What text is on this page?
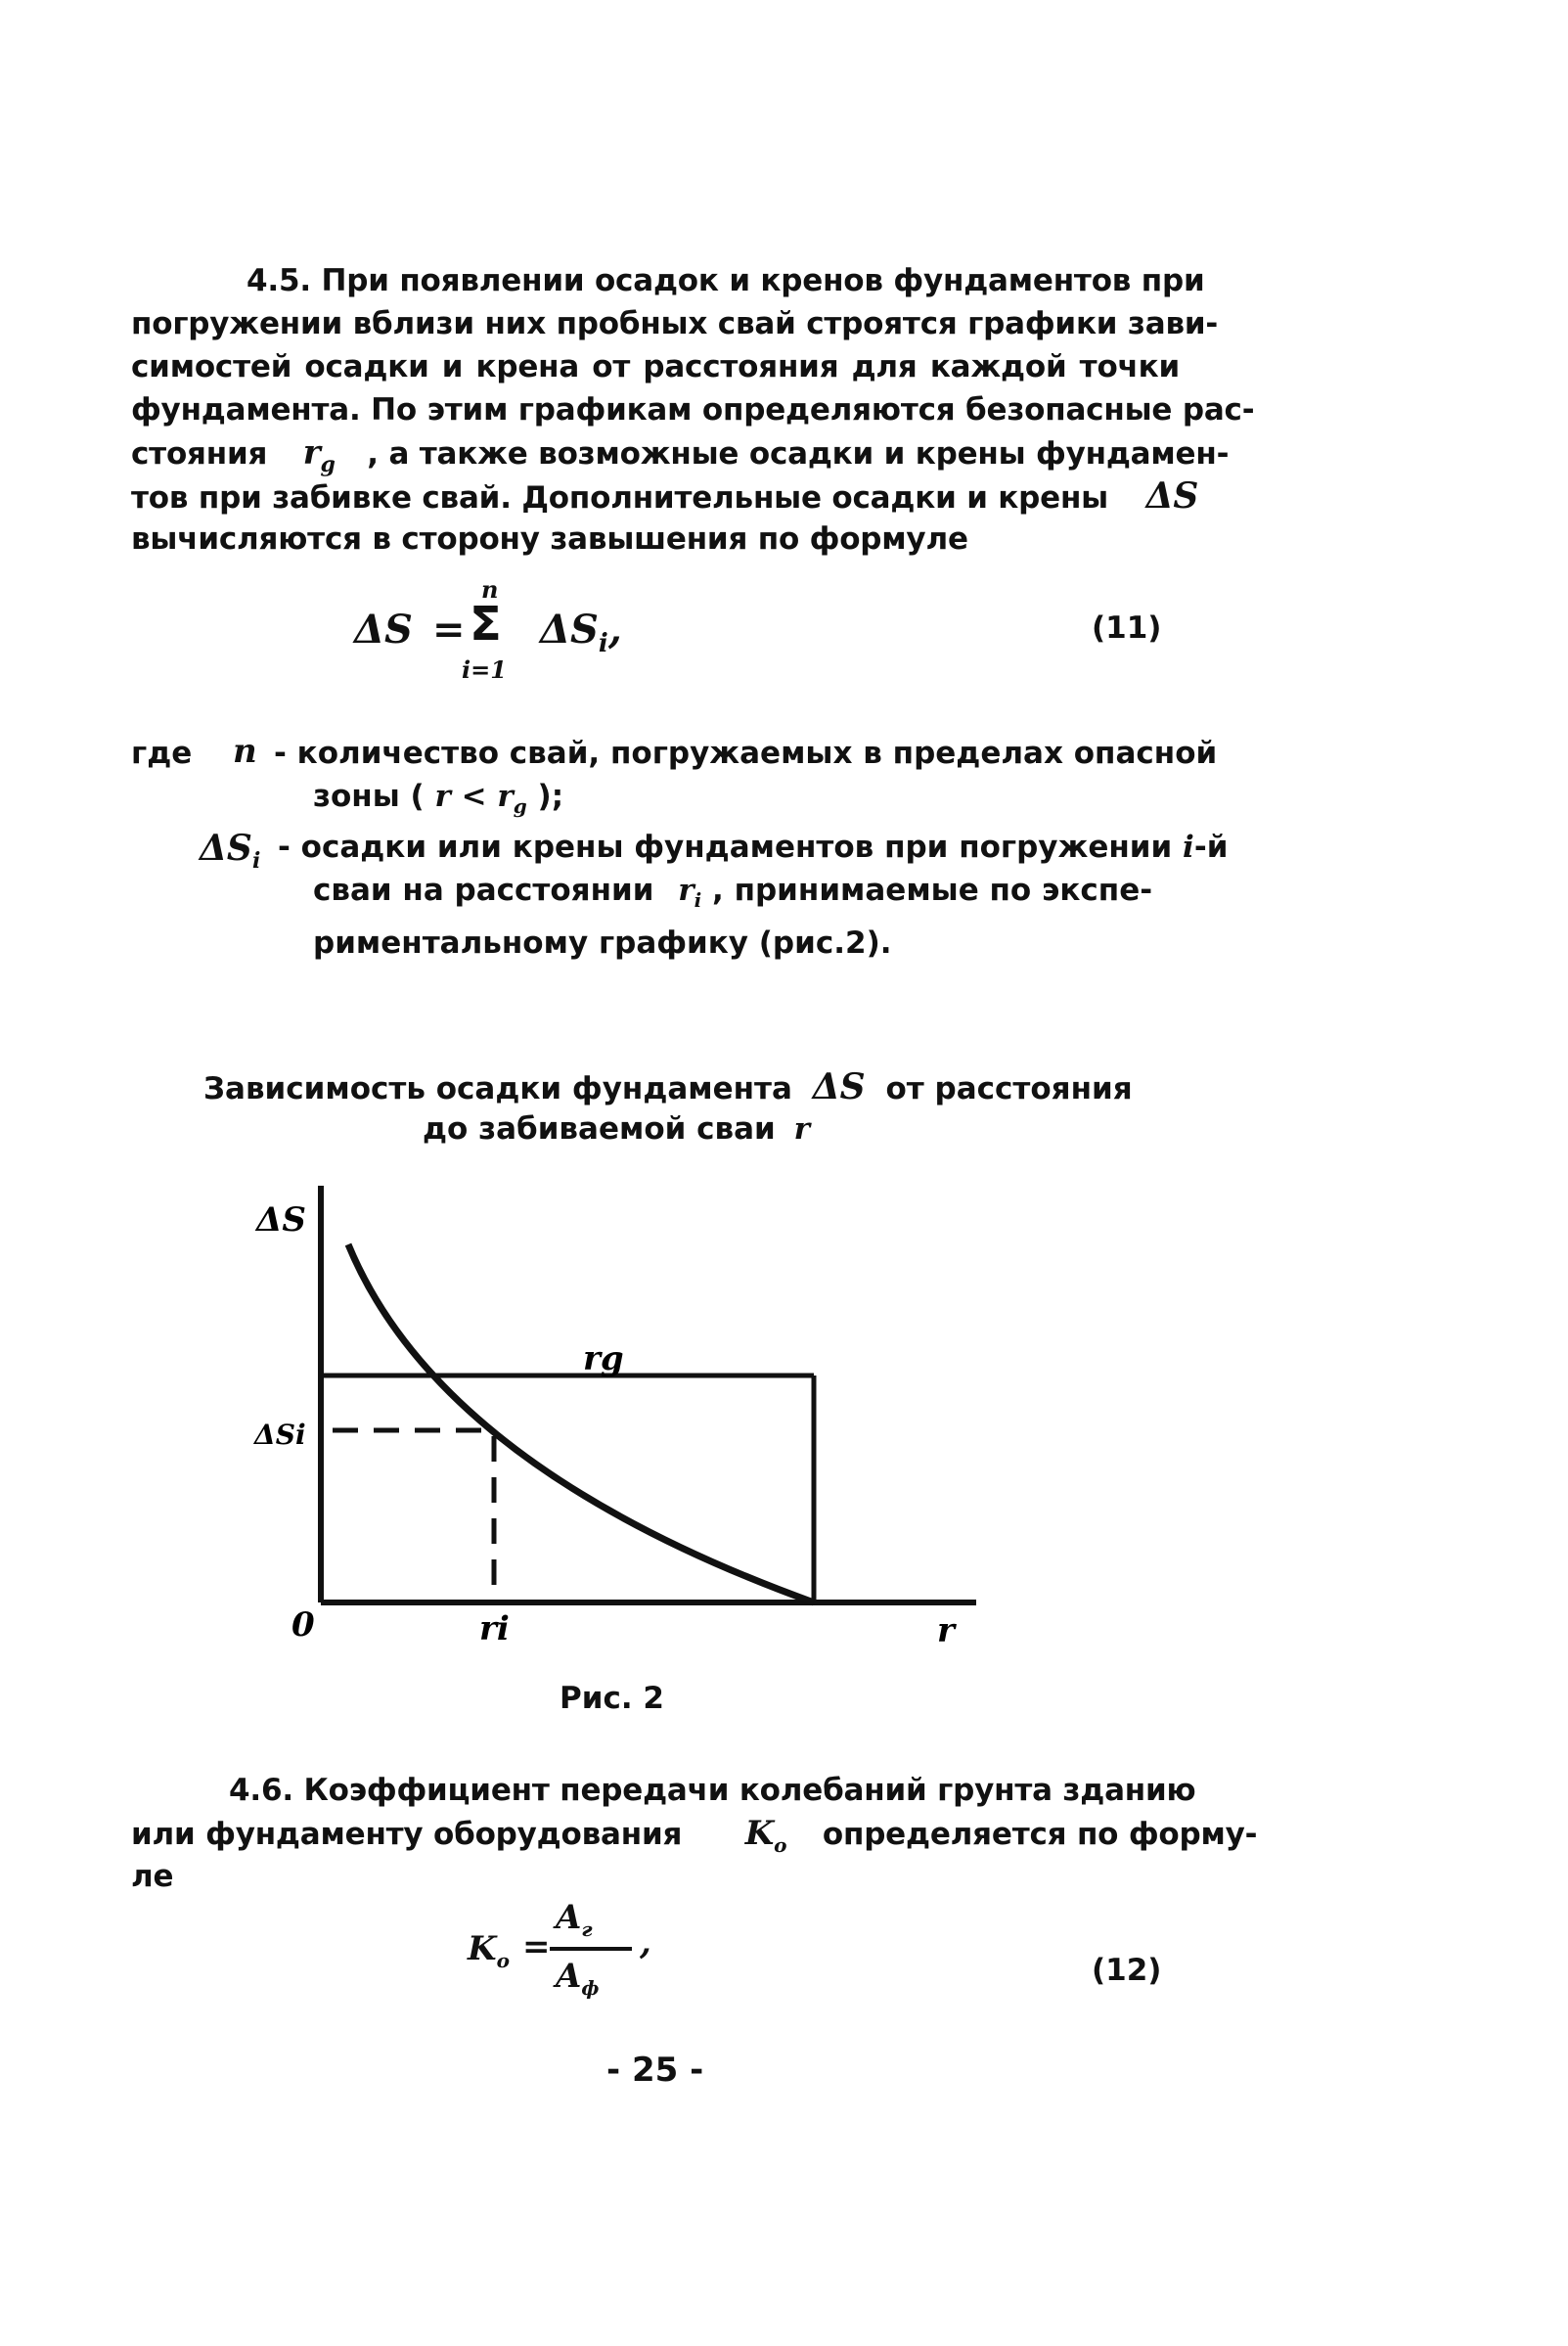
4.5. При появлении осадок и кренов фундаментов при
погружении вблизи них пробных свай строятся графики зави-
симостей осадки и крена от расстояния для каждой точки
фундамента. По этим графикам определяются безопасные рас-
стояния $r_g$ , а также возможные осадки и крены фундамен-
тов при забивке свай. Дополнительные осадки и крены ΔS
вычисляются в сторону завышения по формуле
ΔS =
n
Σ
i=1
$\Delta S_i$,	(11)
где n - количество свай, погружаемых в пределах опасной
зоны ( $r < r_g$ );
$\Delta S_i$ - осадки или крены фундаментов при погружении i-й
сваи на расстоянии $r_i$ , принимаемые по экспе-
риментальному графику (рис.2).
Зависимость осадки фундамента ΔS от расстояния
до забиваемой сваи r
ΔS
ΔSi
0	ri	r
rg
Рис. 2
4.6. Коэффициент передачи колебаний грунта зданию
или фундаменту оборудования $K_o$ определяется по форму-
ле
$K_o$ =
$A_г$
$A_ф$
,
(12)
- 25 -
